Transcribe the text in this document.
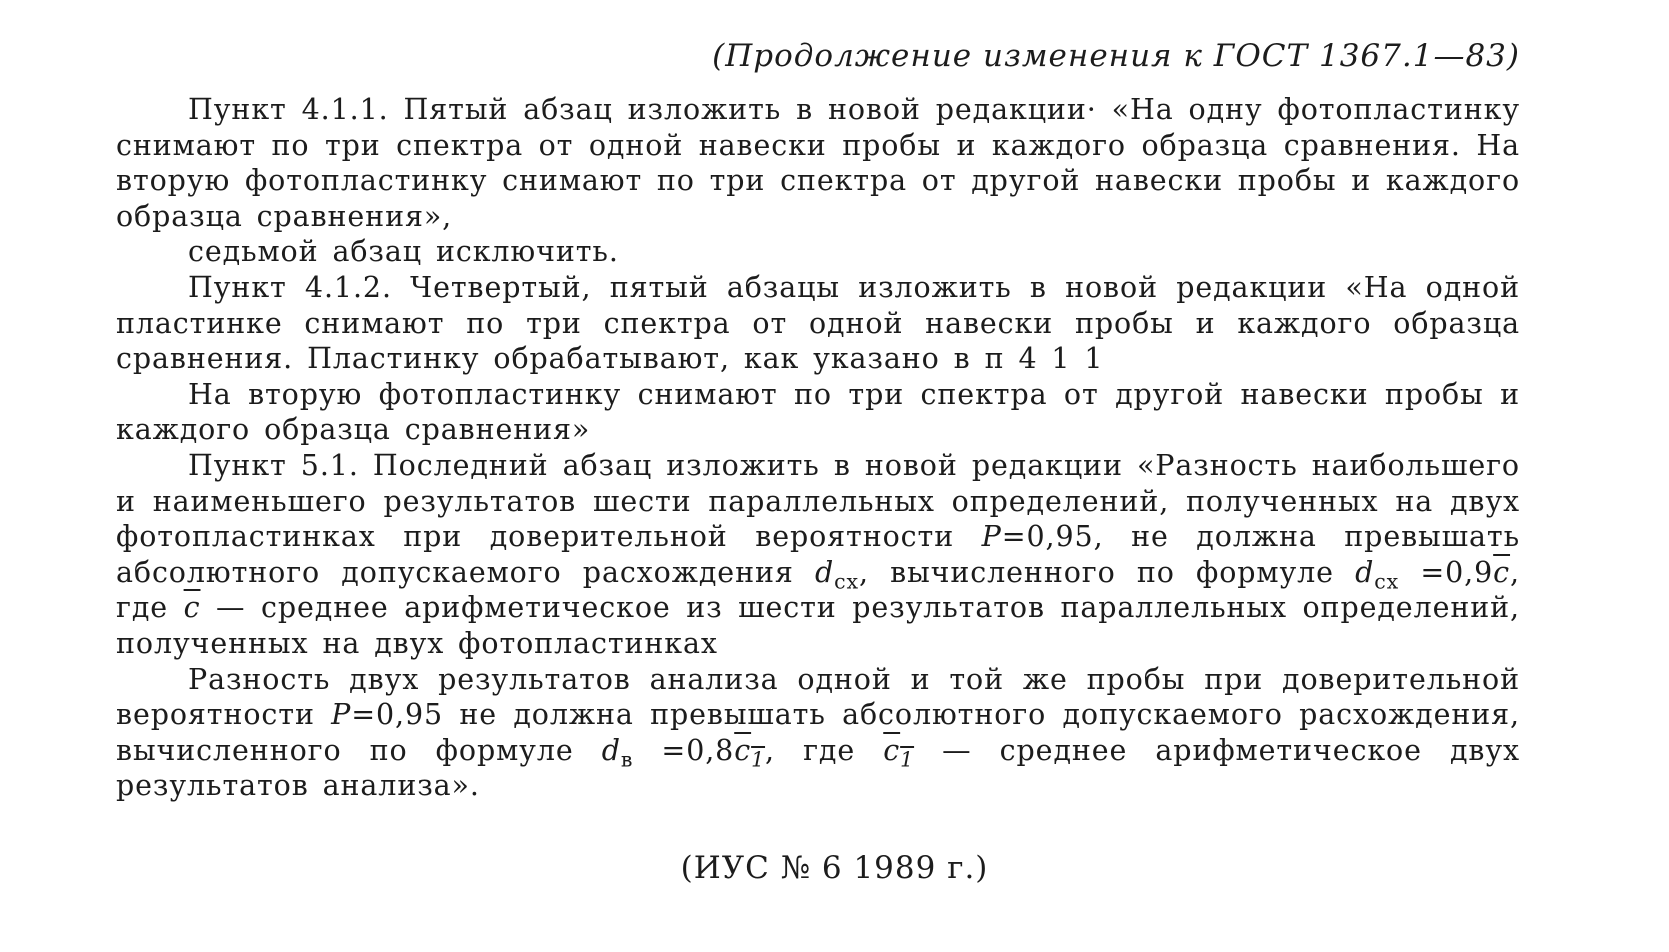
(Продолжение изменения к ГОСТ 1367.1—83)

Пункт 4.1.1. Пятый абзац изложить в новой редакции· «На одну фотопластинку снимают по три спектра от одной навески пробы и каждого образца сравнения. На вторую фотопластинку снимают по три спектра от другой навески пробы и каждого образца сравнения»,

седьмой абзац исключить.

Пункт 4.1.2. Четвертый, пятый абзацы изложить в новой редакции «На одной пластинке снимают по три спектра от одной навески пробы и каждого образца сравнения. Пластинку обрабатывают, как указано в п 4 1 1

На вторую фотопластинку снимают по три спектра от другой навески пробы и каждого образца сравнения»

Пункт 5.1. Последний абзац изложить в новой редакции «Разность наибольшего и наименьшего результатов шести параллельных определений, полученных на двух фотопластинках при доверительной вероятности P=0,95, не должна превышать абсолютного допускаемого расхождения $d_{сх}$, вычисленного по формуле $d_{сх} =0,9\overline{c}$, где $\overline{c}$ — среднее арифметическое из шести результатов параллельных определений, полученных на двух фотопластинках

Разность двух результатов анализа одной и той же пробы при доверительной вероятности P=0,95 не должна превышать абсолютного допускаемого расхождения, вычисленного по формуле $d_в =0,8c_1$, где $c_1$ — среднее арифметическое двух результатов анализа».

(ИУС № 6 1989 г.)
